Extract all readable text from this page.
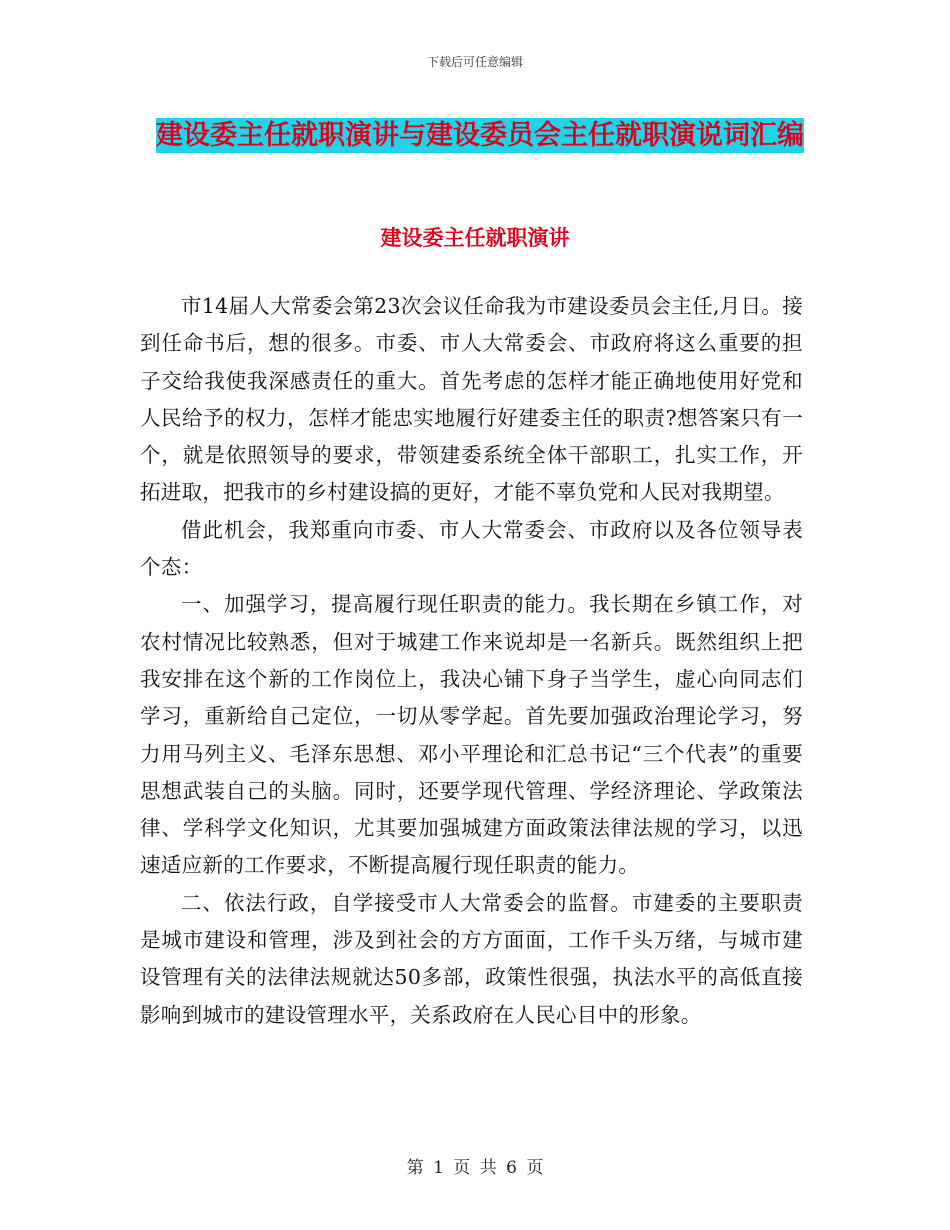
下载后可任意编辑
建设委主任就职演讲与建设委员会主任就职演说词汇编
建设委主任就职演讲

市14届人大常委会第23次会议任命我为市建设委员会主任,月日。接到任命书后，想的很多。市委、市人大常委会、市政府将这么重要的担子交给我使我深感责任的重大。首先考虑的怎样才能正确地使用好党和人民给予的权力，怎样才能忠实地履行好建委主任的职责?想答案只有一个，就是依照领导的要求，带领建委系统全体干部职工，扎实工作，开拓进取，把我市的乡村建设搞的更好，才能不辜负党和人民对我期望。

借此机会，我郑重向市委、市人大常委会、市政府以及各位领导表个态：

一、加强学习，提高履行现任职责的能力。我长期在乡镇工作，对农村情况比较熟悉，但对于城建工作来说却是一名新兵。既然组织上把我安排在这个新的工作岗位上，我决心铺下身子当学生，虚心向同志们学习，重新给自己定位，一切从零学起。首先要加强政治理论学习，努力用马列主义、毛泽东思想、邓小平理论和汇总书记“三个代表”的重要思想武装自己的头脑。同时，还要学现代管理、学经济理论、学政策法律、学科学文化知识，尤其要加强城建方面政策法律法规的学习，以迅速适应新的工作要求，不断提高履行现任职责的能力。

二、依法行政，自学接受市人大常委会的监督。市建委的主要职责是城市建设和管理，涉及到社会的方方面面，工作千头万绪，与城市建设管理有关的法律法规就达50多部，政策性很强，执法水平的高低直接影响到城市的建设管理水平，关系政府在人民心目中的形象。

第 1 页 共 6 页
